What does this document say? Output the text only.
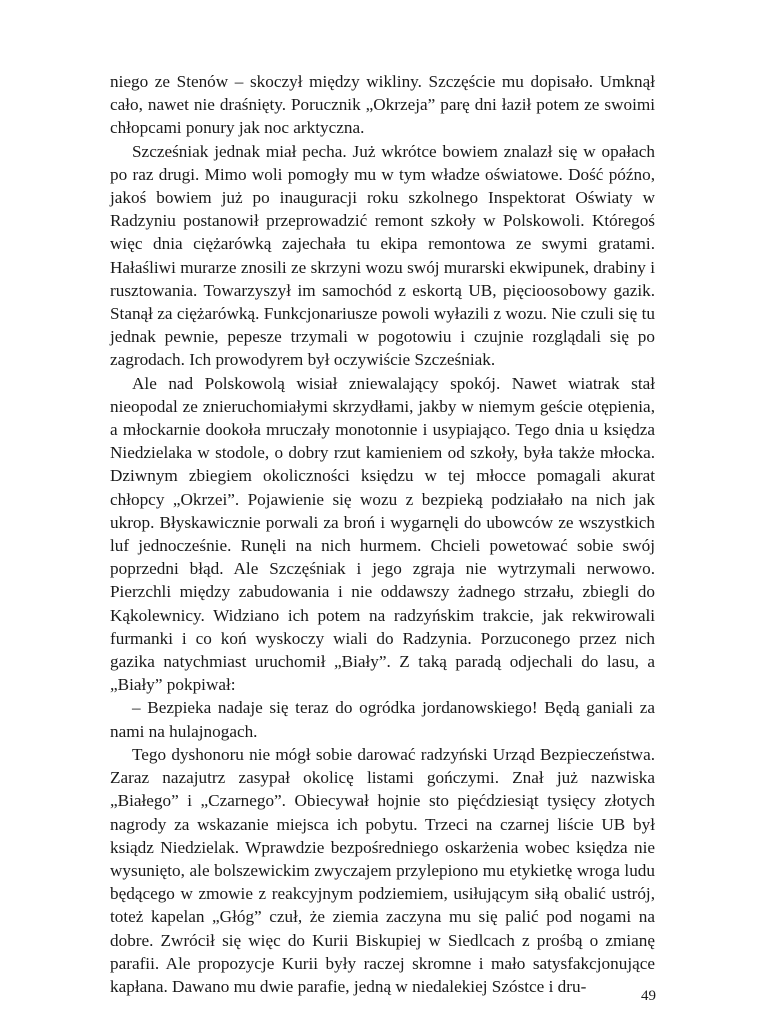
niego ze Stenów – skoczył między wikliny. Szczęście mu dopisało. Umknął cało, nawet nie draśnięty. Porucznik „Okrzeja” parę dni łaził potem ze swoimi chłopcami ponury jak noc arktyczna.

Szcześniak jednak miał pecha. Już wkrótce bowiem znalazł się w opałach po raz drugi. Mimo woli pomogły mu w tym władze oświatowe. Dość późno, jakoś bowiem już po inauguracji roku szkolnego Inspektorat Oświaty w Radzyniu postanowił przeprowadzić remont szkoły w Polskowoli. Któregoś więc dnia ciężarówką zajechała tu ekipa remontowa ze swymi gratami. Hałaśliwi murarze znosili ze skrzyni wozu swój murarski ekwipunek, drabiny i rusztowania. Towarzyszył im samochód z eskortą UB, pięcioosobowy gazik. Stanął za ciężarówką. Funkcjonariusze powoli wyłazili z wozu. Nie czuli się tu jednak pewnie, pepesze trzymali w pogotowiu i czujnie rozglądali się po zagrodach. Ich prowodyrem był oczywiście Szcześniak.

Ale nad Polskowolą wisiał zniewalający spokój. Nawet wiatrak stał nieopodal ze znieruchomiałymi skrzydłami, jakby w niemym geście otępienia, a młockarnie dookoła mruczały monotonnie i usypiająco. Tego dnia u księdza Niedzielaka w stodole, o dobry rzut kamieniem od szkoły, była także młocka. Dziwnym zbiegiem okoliczności księdzu w tej młocce pomagali akurat chłopcy „Okrzei”. Pojawienie się wozu z bezpieką podziałało na nich jak ukrop. Błyskawicznie porwali za broń i wygarnęli do ubowców ze wszystkich luf jednocześnie. Runęli na nich hurmem. Chcieli powetować sobie swój poprzedni błąd. Ale Szczęśniak i jego zgraja nie wytrzymali nerwowo. Pierzchli między zabudowania i nie oddawszy żadnego strzału, zbiegli do Kąkolewnicy. Widziano ich potem na radzyńskim trakcie, jak rekwirowali furmanki i co koń wyskoczy wiali do Radzynia. Porzuconego przez nich gazika natychmiast uruchomił „Biały”. Z taką paradą odjechali do lasu, a „Biały” pokpiwał:

– Bezpieka nadaje się teraz do ogródka jordanowskiego! Będą ganiali za nami na hulajnogach.

Tego dyshonoru nie mógł sobie darować radzyński Urząd Bezpieczeństwa. Zaraz nazajutrz zasypał okolicę listami gończymi. Znał już nazwiska „Białego” i „Czarnego”. Obiecywał hojnie sto pięćdziesiąt tysięcy złotych nagrody za wskazanie miejsca ich pobytu. Trzeci na czarnej liście UB był ksiądz Niedzielak. Wprawdzie bezpośredniego oskarżenia wobec księdza nie wysunięto, ale bolszewickim zwyczajem przylepiono mu etykietkę wroga ludu będącego w zmowie z reakcyjnym podziemiem, usiłującym siłą obalić ustrój, toteż kapelan „Głóg” czuł, że ziemia zaczyna mu się palić pod nogami na dobre. Zwrócił się więc do Kurii Biskupiej w Siedlcach z prośbą o zmianę parafii. Ale propozycje Kurii były raczej skromne i mało satysfakcjonujące kapłana. Dawano mu dwie parafie, jedną w niedalekiej Szóstce i dru-

49
